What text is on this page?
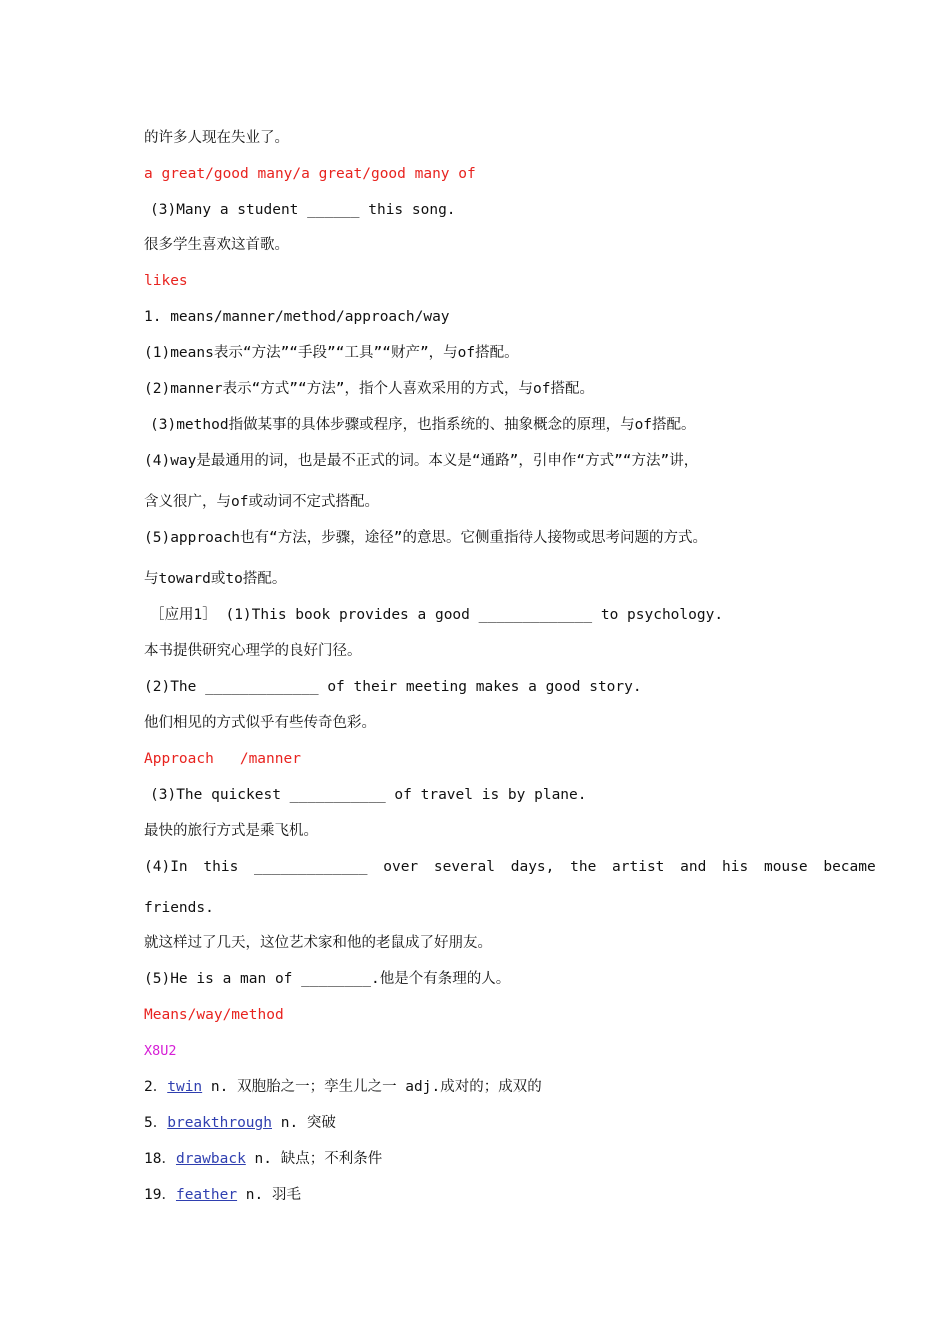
的许多人现在失业了。
a great/good many/a great/good many of
(3)Many a student ______ this song.
很多学生喜欢这首歌。
likes
1. means/manner/method/approach/way
(1)means表示“方法”“手段”“工具”“财产”，与of搭配。
(2)manner表示“方式”“方法”，指个人喜欢采用的方式，与of搭配。
(3)method指做某事的具体步骤或程序，也指系统的、抽象概念的原理，与of搭配。
(4)way是最通用的词，也是最不正式的词。本义是“通路”，引申作“方式”“方法”讲，
含义很广，与of或动词不定式搭配。
(5)approach也有“方法，步骤，途径”的意思。它侧重指待人接物或思考问题的方式。
与toward或to搭配。
［应用1］ (1)This book provides a good _____________ to psychology.
本书提供研究心理学的良好门径。
(2)The _____________ of their meeting makes a good story.
他们相见的方式似乎有些传奇色彩。
Approach /manner
(3)The quickest ___________ of travel is by plane.
最快的旅行方式是乘飞机。
(4)In this _____________ over several days, the artist and his mouse became
friends.
就这样过了几天，这位艺术家和他的老鼠成了好朋友。
(5)He is a man of ________.他是个有条理的人。
Means/way/method
X8U2
2．twin n. 双胞胎之一；孪生儿之一 adj.成对的；成双的
5．breakthrough n. 突破
18．drawback n. 缺点；不利条件
19．feather n. 羽毛
